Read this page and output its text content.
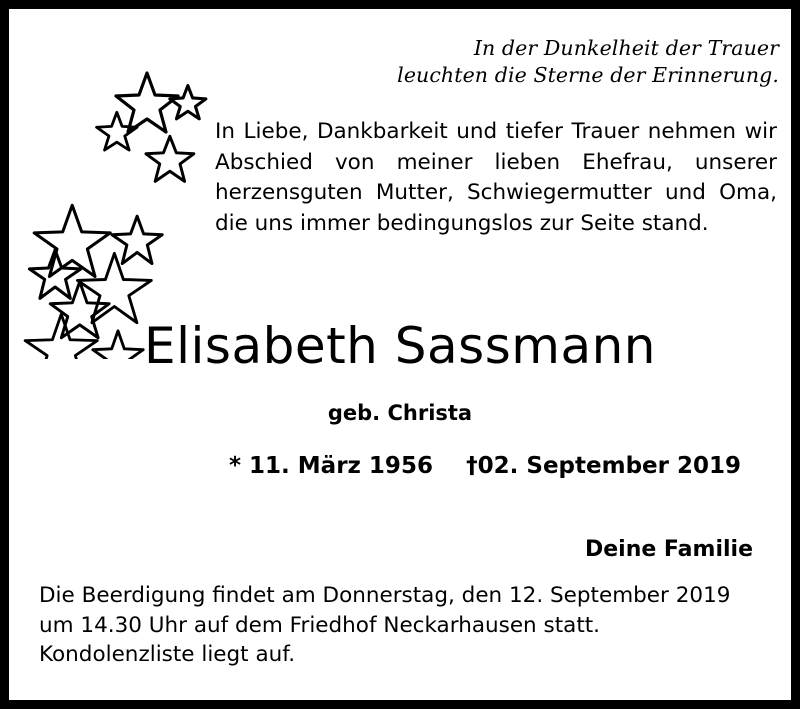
In der Dunkelheit der Trauer
leuchten die Sterne der Erinnerung.
In Liebe, Dankbarkeit und tiefer Trauer nehmen wir Abschied von meiner lieben Ehefrau, unserer herzensguten Mutter, Schwiegermutter und Oma, die uns immer bedingungslos zur Seite stand.
Elisabeth Sassmann
geb. Christa
* 11. März 1956 †02. September 2019
Deine Familie
Die Beerdigung findet am Donnerstag, den 12. September 2019
um 14.30 Uhr auf dem Friedhof Neckarhausen statt.
Kondolenzliste liegt auf.
